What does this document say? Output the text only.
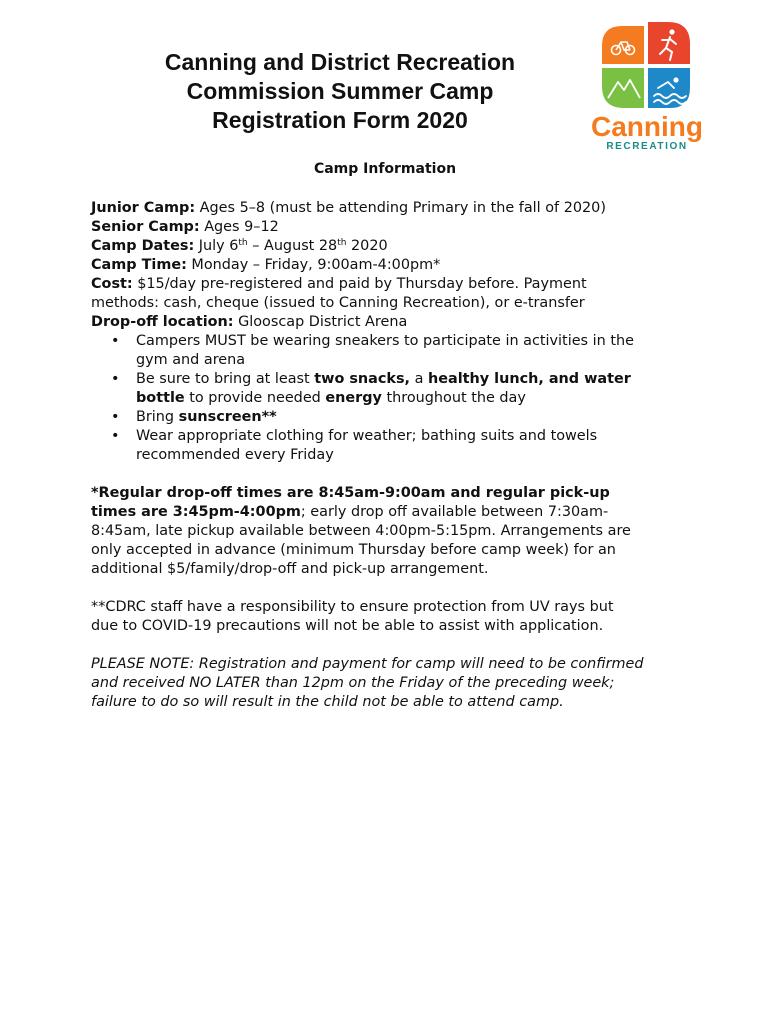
Canning and District Recreation
Commission Summer Camp
Registration Form 2020	Canning
RECREATION
Camp Information

Junior Camp: Ages 5–8 (must be attending Primary in the fall of 2020)

Senior Camp: Ages 9–12

Camp Dates: July 6th – August 28th 2020

Camp Time: Monday – Friday, 9:00am-4:00pm*

Cost: $15/day pre-registered and paid by Thursday before. Payment

methods: cash, cheque (issued to Canning Recreation), or e-transfer

Drop-off location: Glooscap District Arena

• Campers MUST be wearing sneakers to participate in activities in the
gym and arena
• Be sure to bring at least two snacks, a healthy lunch, and water
bottle to provide needed energy throughout the day
• Bring sunscreen**
• Wear appropriate clothing for weather; bathing suits and towels
recommended every Friday

*Regular drop-off times are 8:45am-9:00am and regular pick-up
times are 3:45pm-4:00pm; early drop off available between 7:30am-
8:45am, late pickup available between 4:00pm-5:15pm. Arrangements are
only accepted in advance (minimum Thursday before camp week) for an
additional $5/family/drop-off and pick-up arrangement.

**CDRC staff have a responsibility to ensure protection from UV rays but
due to COVID-19 precautions will not be able to assist with application.

PLEASE NOTE: Registration and payment for camp will need to be confirmed
and received NO LATER than 12pm on the Friday of the preceding week;
failure to do so will result in the child not be able to attend camp.
